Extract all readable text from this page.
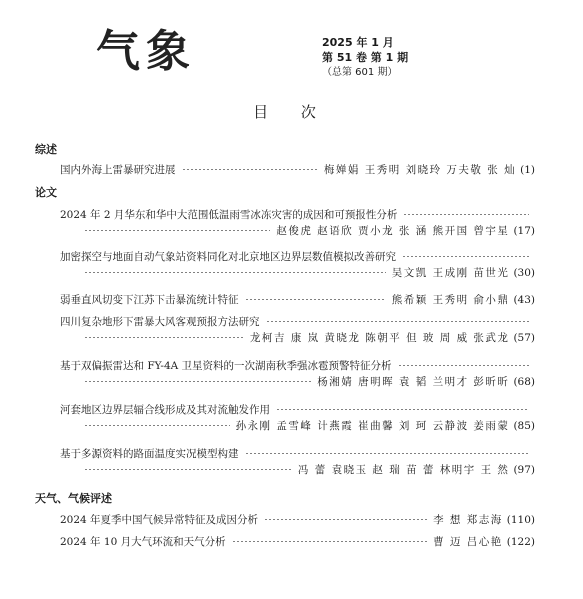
气象	2025 年 1 月
第 51 卷 第 1 期
（总第 601 期）
目 次
综述
国内外海上雷暴研究进展	梅婵娟 王秀明 刘晓玲 万夫敬 张 灿 (1)
论文
2024 年 2 月华东和华中大范围低温雨雪冰冻灾害的成因和可预报性分析
赵俊虎 赵语欣 贾小龙 张 涵 熊开国 曾宇星 (17)
加密探空与地面自动气象站资料同化对北京地区边界层数值模拟改善研究
吴文凯 王成刚 苗世光 (30)
弱垂直风切变下江苏下击暴流统计特征	熊希颖 王秀明 俞小鼎 (43)
四川复杂地形下雷暴大风客观预报方法研究
龙柯吉 康 岚 黄晓龙 陈朝平 但 玻 周 威 张武龙 (57)
基于双偏振雷达和 FY-4A 卫星资料的一次湖南秋季强冰雹预警特征分析
杨湘婧 唐明晖 袁 韬 兰明才 彭昕昕 (68)
河套地区边界层辐合线形成及其对流触发作用
孙永刚 孟雪峰 计燕霞 崔曲馨 刘 珂 云静波 姜雨蒙 (85)
基于多源资料的路面温度实况模型构建
冯 蕾 袁晓玉 赵 瑞 苗 蕾 林明宇 王 然 (97)
天气、气候评述
2024 年夏季中国气候异常特征及成因分析	李 想 郑志海 (110)
2024 年 10 月大气环流和天气分析	曹 迈 吕心艳 (122)
